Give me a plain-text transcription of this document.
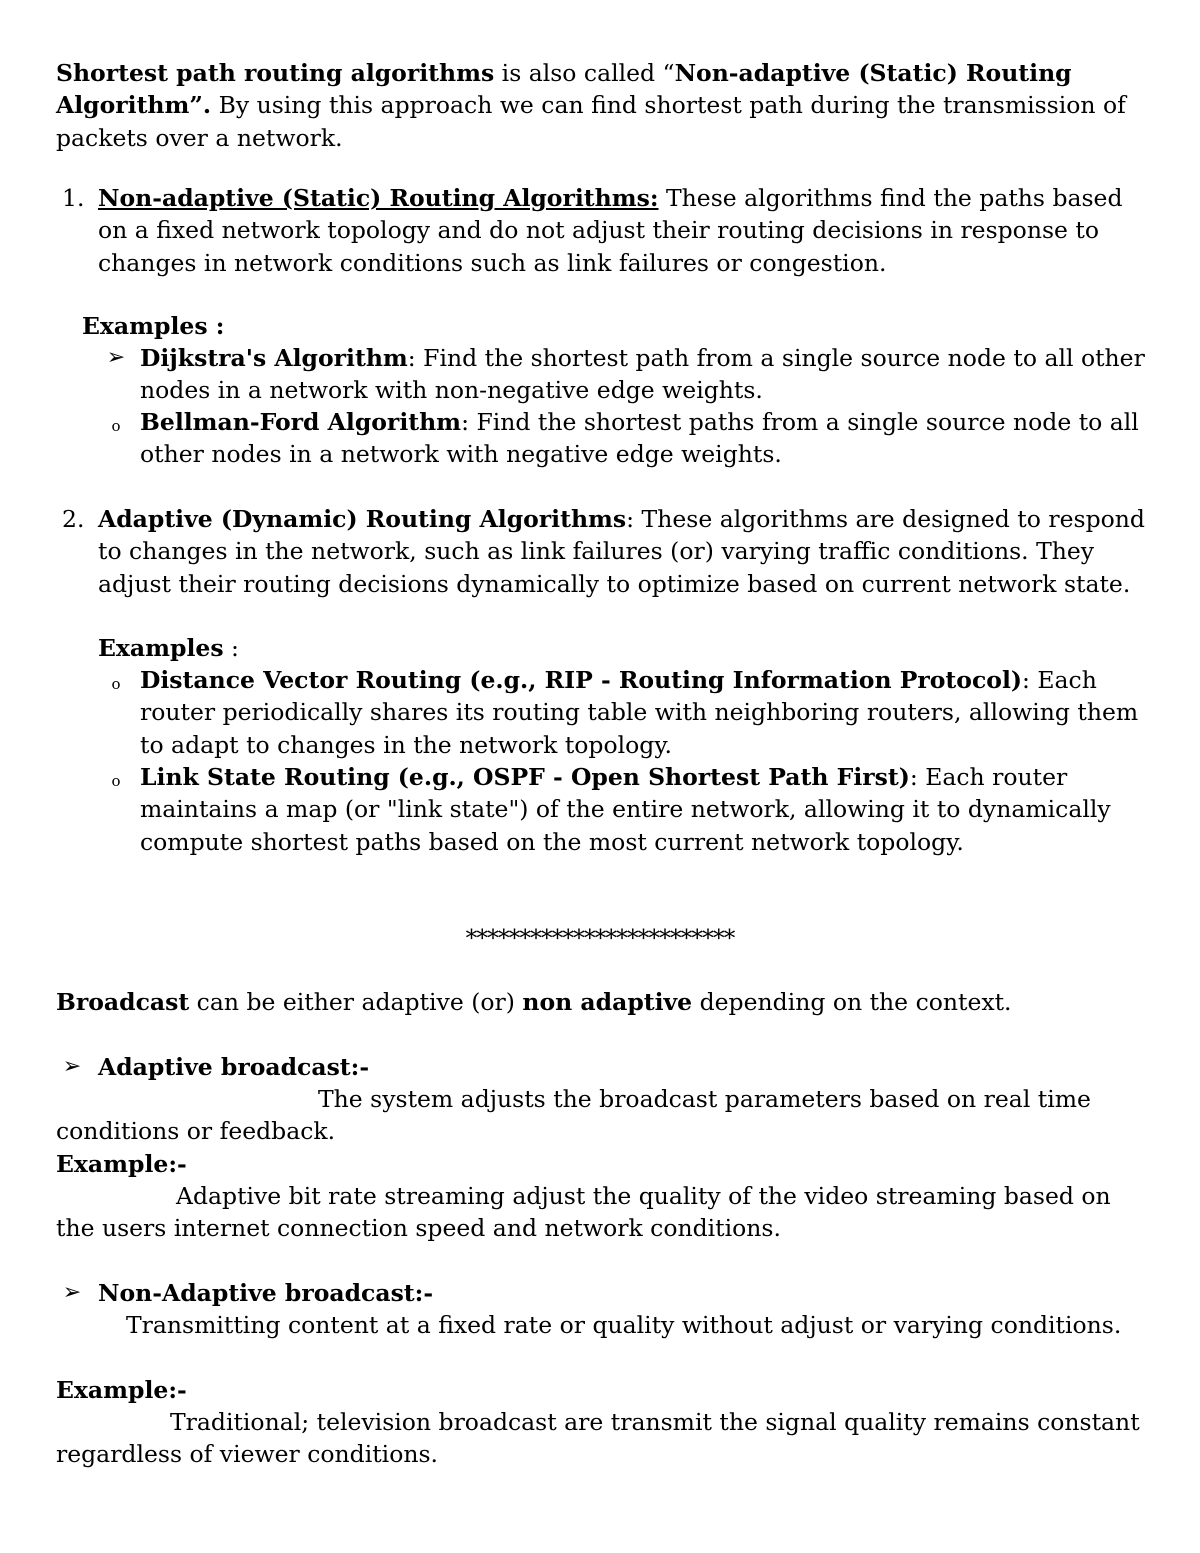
Shortest path routing algorithms is also called “Non-adaptive (Static) Routing Algorithm”. By using this approach we can find shortest path during the transmission of packets over a network.

1. Non-adaptive (Static) Routing Algorithms: These algorithms find the paths based on a fixed network topology and do not adjust their routing decisions in response to changes in network conditions such as link failures or congestion.

Examples :
➢ Dijkstra's Algorithm: Find the shortest path from a single source node to all other nodes in a network with non-negative edge weights.

o Bellman-Ford Algorithm: Find the shortest paths from a single source node to all other nodes in a network with negative edge weights.

2. Adaptive (Dynamic) Routing Algorithms: These algorithms are designed to respond to changes in the network, such as link failures (or) varying traffic conditions. They adjust their routing decisions dynamically to optimize based on current network state.

Examples :
o Distance Vector Routing (e.g., RIP - Routing Information Protocol): Each router periodically shares its routing table with neighboring routers, allowing them to adapt to changes in the network topology.

o Link State Routing (e.g., OSPF - Open Shortest Path First): Each router maintains a map (or "link state") of the entire network, allowing it to dynamically compute shortest paths based on the most current network topology.

*************************

Broadcast can be either adaptive (or) non adaptive depending on the context.

➢ Adaptive broadcast:-

The system adjusts the broadcast parameters based on real time conditions or feedback.

Example:-

Adaptive bit rate streaming adjust the quality of the video streaming based on the users internet connection speed and network conditions.

➢ Non-Adaptive broadcast:-

Transmitting content at a fixed rate or quality without adjust or varying conditions.

Example:-

Traditional; television broadcast are transmit the signal quality remains constant regardless of viewer conditions.
